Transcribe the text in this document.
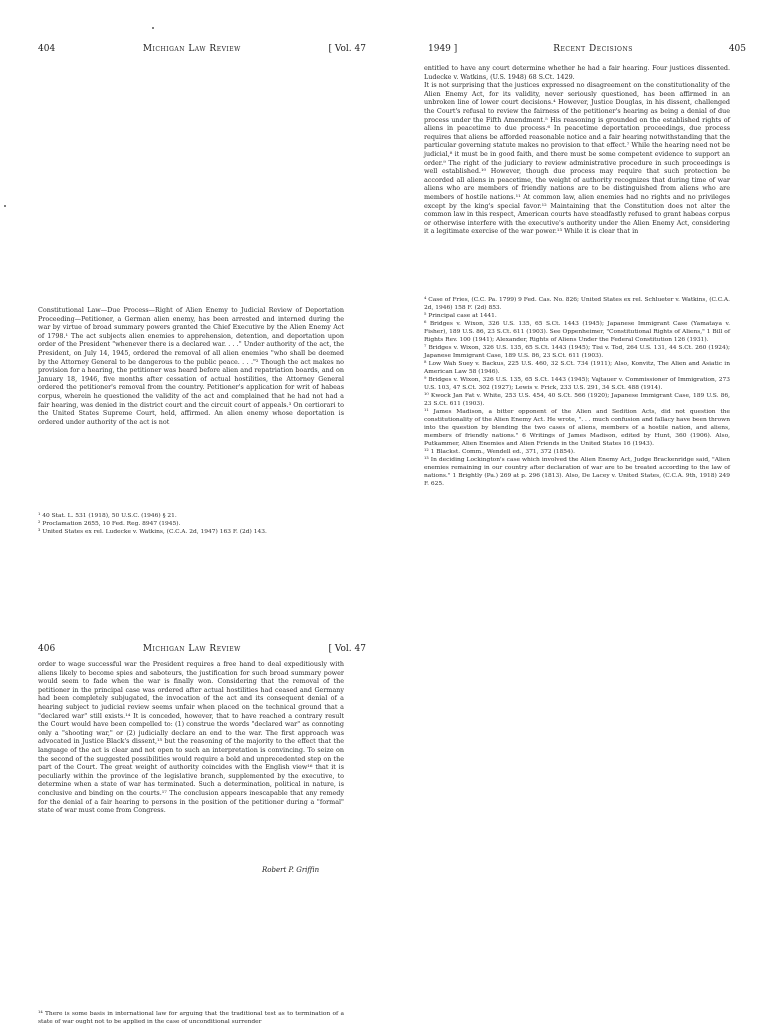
404	Michigan Law Review	[ Vol. 47
Constitutional Law—Due Process—Right of Alien Enemy to Judicial Review of Deportation Proceeding—Petitioner, a German alien enemy, has been arrested and interned during the war by virtue of broad summary powers granted the Chief Executive by the Alien Enemy Act of 1798.¹ The act subjects alien enemies to apprehension, detention, and deportation upon order of the President "whenever there is a declared war. . . ." Under authority of the act, the President, on July 14, 1945, ordered the removal of all alien enemies "who shall be deemed by the Attorney General to be dangerous to the public peace. . . ."² Though the act makes no provision for a hearing, the petitioner was heard before alien and repatriation boards, and on January 18, 1946, five months after cessation of actual hostilities, the Attorney General ordered the petitioner's removal from the country. Petitioner's application for writ of habeas corpus, wherein he questioned the validity of the act and complained that he had not had a fair hearing, was denied in the district court and the circuit court of appeals.³ On certiorari to the United States Supreme Court, held, affirmed. An alien enemy whose deportation is ordered under authority of the act is not
¹ 40 Stat. L. 531 (1918), 50 U.S.C. (1946) § 21.
² Proclamation 2655, 10 Fed. Reg. 8947 (1945).
³ United States ex rel. Ludecke v. Watkins, (C.C.A. 2d, 1947) 163 F. (2d) 143.
1949 ]	Recent Decisions	405
entitled to have any court determine whether he had a fair hearing. Four justices dissented. Ludecke v. Watkins, (U.S. 1948) 68 S.Ct. 1429.
It is not surprising that the justices expressed no disagreement on the constitutionality of the Alien Enemy Act, for its validity, never seriously questioned, has been affirmed in an unbroken line of lower court decisions.⁴ However, Justice Douglas, in his dissent, challenged the Court's refusal to review the fairness of the petitioner's hearing as being a denial of due process under the Fifth Amendment.⁵ His reasoning is grounded on the established rights of aliens in peacetime to due process.⁶ In peacetime deportation proceedings, due process requires that aliens be afforded reasonable notice and a fair hearing notwithstanding that the particular governing statute makes no provision to that effect.⁷ While the hearing need not be judicial,⁸ it must be in good faith, and there must be some competent evidence to support an order.⁹ The right of the judiciary to review administrative procedure in such proceedings is well established.¹⁰ However, though due process may require that such protection be accorded all aliens in peacetime, the weight of authority recognizes that during time of war aliens who are members of friendly nations are to be distinguished from aliens who are members of hostile nations.¹¹ At common law, alien enemies had no rights and no privileges except by the king's special favor.¹² Maintaining that the Constitution does not alter the common law in this respect, American courts have steadfastly refused to grant habeas corpus or otherwise interfere with the executive's authority under the Alien Enemy Act, considering it a legitimate exercise of the war power.¹³ While it is clear that in
⁴ Case of Fries, (C.C. Pa. 1799) 9 Fed. Cas. No. 826; United States ex rel. Schlueter v. Watkins, (C.C.A. 2d, 1946) 158 F. (2d) 853.
⁵ Principal case at 1441.
⁶ Bridges v. Wixon, 326 U.S. 135, 65 S.Ct. 1443 (1945); Japanese Immigrant Case (Yamataya v. Fisher), 189 U.S. 86, 23 S.Ct. 611 (1903). See Oppenheimer, "Constitutional Rights of Aliens," 1 Bill of Rights Rev. 100 (1941); Alexander, Rights of Aliens Under the Federal Constitution 126 (1931).
⁷ Bridges v. Wixon, 326 U.S. 135, 65 S.Ct. 1443 (1945); Tisi v. Tod, 264 U.S. 131, 44 S.Ct. 260 (1924); Japanese Immigrant Case, 189 U.S. 86, 23 S.Ct. 611 (1903).
⁸ Low Wah Suey v. Backus, 225 U.S. 460, 32 S.Ct. 734 (1911); Also, Konvitz, The Alien and Asiatic in American Law 58 (1946).
⁹ Bridges v. Wixon, 326 U.S. 135, 65 S.Ct. 1443 (1945); Vajtauer v. Commissioner of Immigration, 273 U.S. 103, 47 S.Ct. 302 (1927); Lewis v. Frick, 233 U.S. 291, 34 S.Ct. 488 (1914).
¹⁰ Kwock Jan Fat v. White, 253 U.S. 454, 40 S.Ct. 566 (1920); Japanese Immigrant Case, 189 U.S. 86, 23 S.Ct. 611 (1903).
¹¹ James Madison, a bitter opponent of the Alien and Sedition Acts, did not question the constitutionality of the Alien Enemy Act. He wrote, ". . . much confusion and fallacy have been thrown into the question by blending the two cases of aliens, members of a hostile nation, and aliens, members of friendly nations." 6 Writings of James Madison, edited by Hunt, 360 (1906). Also, Putkammer, Alien Enemies and Alien Friends in the United States 16 (1943).
¹² 1 Blackst. Comm., Wendell ed., 371, 372 (1854).
¹³ In deciding Lockington's case which involved the Alien Enemy Act, Judge Brackenridge said, "Alien enemies remaining in our country after declaration of war are to be treated according to the law of nations." 1 Brightly (Pa.) 269 at p. 296 (1813). Also, De Lacey v. United States, (C.C.A. 9th, 1918) 249 F. 625.
406	Michigan Law Review	[ Vol. 47
order to wage successful war the President requires a free hand to deal expeditiously with aliens likely to become spies and saboteurs, the justification for such broad summary power would seem to fade when the war is finally won. Considering that the removal of the petitioner in the principal case was ordered after actual hostilities had ceased and Germany had been completely subjugated, the invocation of the act and its consequent denial of a hearing subject to judicial review seems unfair when placed on the technical ground that a "declared war" still exists.¹⁴ It is conceded, however, that to have reached a contrary result the Court would have been compelled to: (1) construe the words "declared war" as connoting only a "shooting war," or (2) judicially declare an end to the war. The first approach was advocated in Justice Black's dissent,¹⁵ but the reasoning of the majority to the effect that the language of the act is clear and not open to such an interpretation is convincing. To seize on the second of the suggested possibilities would require a bold and unprecedented step on the part of the Court. The great weight of authority coincides with the English view¹⁶ that it is peculiarly within the province of the legislative branch, supplemented by the executive, to determine when a state of war has terminated. Such a determination, political in nature, is conclusive and binding on the courts.¹⁷ The conclusion appears inescapable that any remedy for the denial of a fair hearing to persons in the position of the petitioner during a "formal" state of war must come from Congress.
Robert P. Griffin
¹⁴ There is some basis in international law for arguing that the traditional test as to termination of a state of war ought not to be applied in the case of unconditional surrender
